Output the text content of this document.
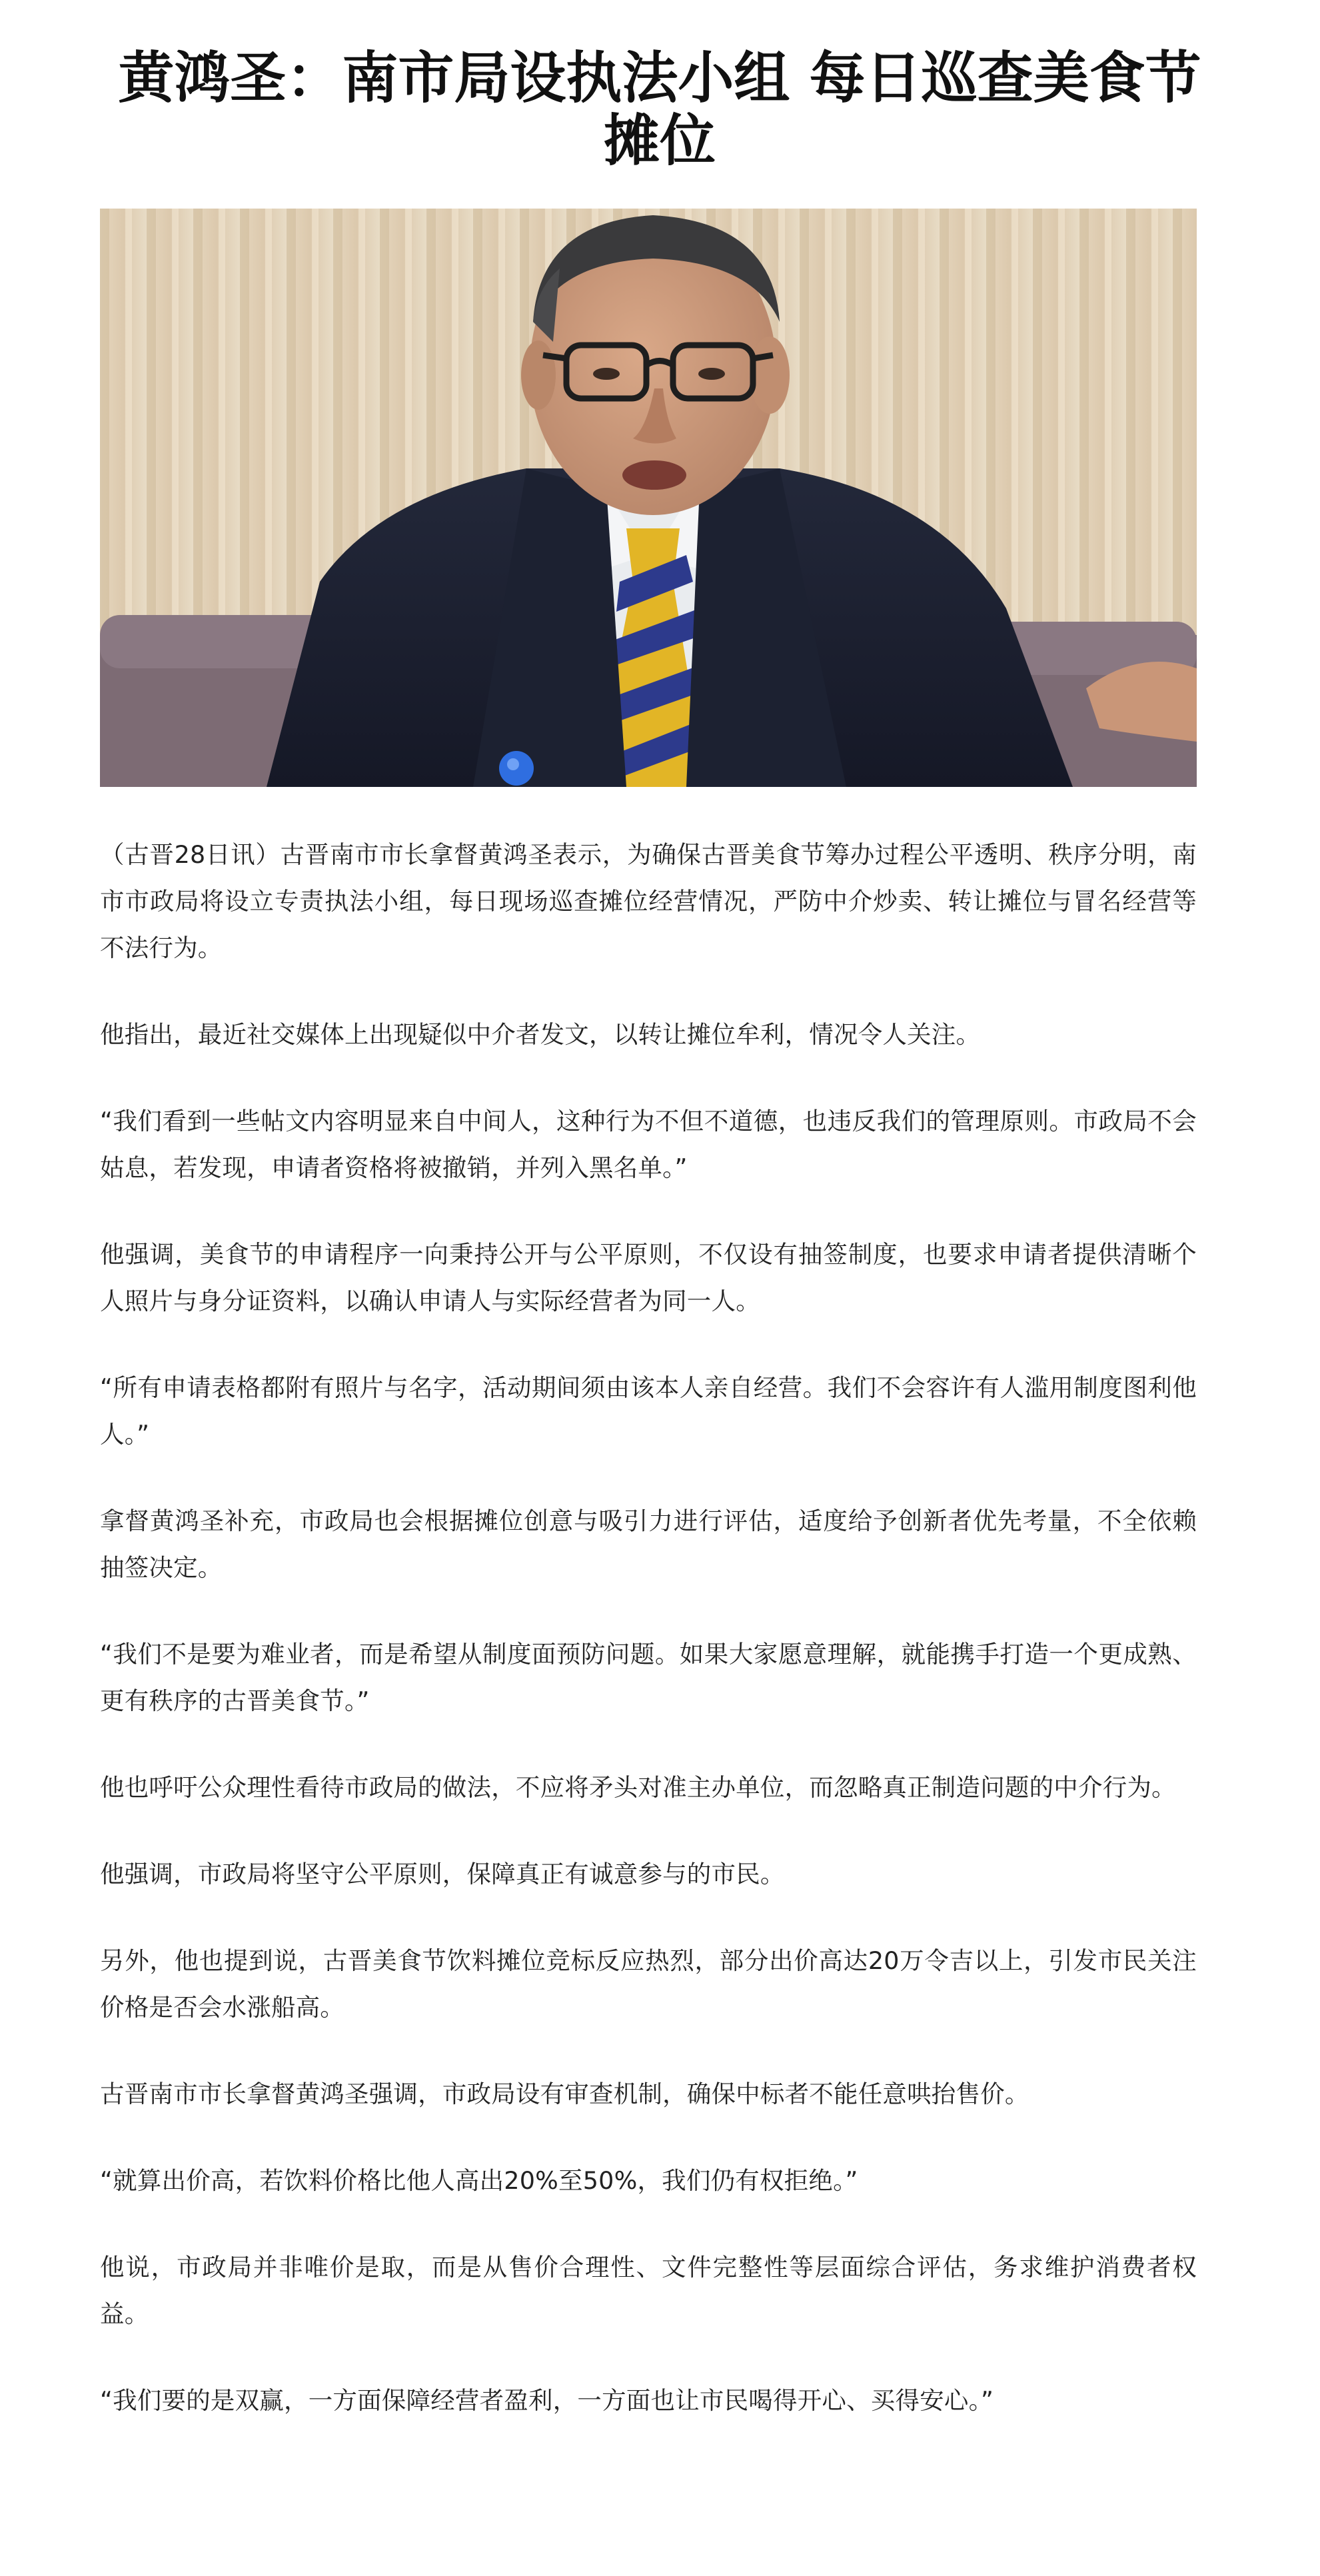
黄鸿圣：南市局设执法小组 每日巡查美食节摊位

（古晋28日讯）古晋南市市长拿督黄鸿圣表示，为确保古晋美食节筹办过程公平透明、秩序分明，南市市政局将设立专责执法小组，每日现场巡查摊位经营情况，严防中介炒卖、转让摊位与冒名经营等不法行为。

他指出，最近社交媒体上出现疑似中介者发文，以转让摊位牟利，情况令人关注。

“我们看到一些帖文内容明显来自中间人，这种行为不但不道德，也违反我们的管理原则。市政局不会姑息，若发现，申请者资格将被撤销，并列入黑名单。”

他强调，美食节的申请程序一向秉持公开与公平原则，不仅设有抽签制度，也要求申请者提供清晰个人照片与身分证资料，以确认申请人与实际经营者为同一人。

“所有申请表格都附有照片与名字，活动期间须由该本人亲自经营。我们不会容许有人滥用制度图利他人。”

拿督黄鸿圣补充，市政局也会根据摊位创意与吸引力进行评估，适度给予创新者优先考量，不全依赖抽签决定。

“我们不是要为难业者，而是希望从制度面预防问题。如果大家愿意理解，就能携手打造一个更成熟、更有秩序的古晋美食节。”

他也呼吁公众理性看待市政局的做法，不应将矛头对准主办单位，而忽略真正制造问题的中介行为。

他强调，市政局将坚守公平原则，保障真正有诚意参与的市民。

另外，他也提到说，古晋美食节饮料摊位竞标反应热烈，部分出价高达20万令吉以上，引发市民关注价格是否会水涨船高。

古晋南市市长拿督黄鸿圣强调，市政局设有审查机制，确保中标者不能任意哄抬售价。

“就算出价高，若饮料价格比他人高出20%至50%，我们仍有权拒绝。”

他说，市政局并非唯价是取，而是从售价合理性、文件完整性等层面综合评估，务求维护消费者权益。

“我们要的是双赢，一方面保障经营者盈利，一方面也让市民喝得开心、买得安心。”
